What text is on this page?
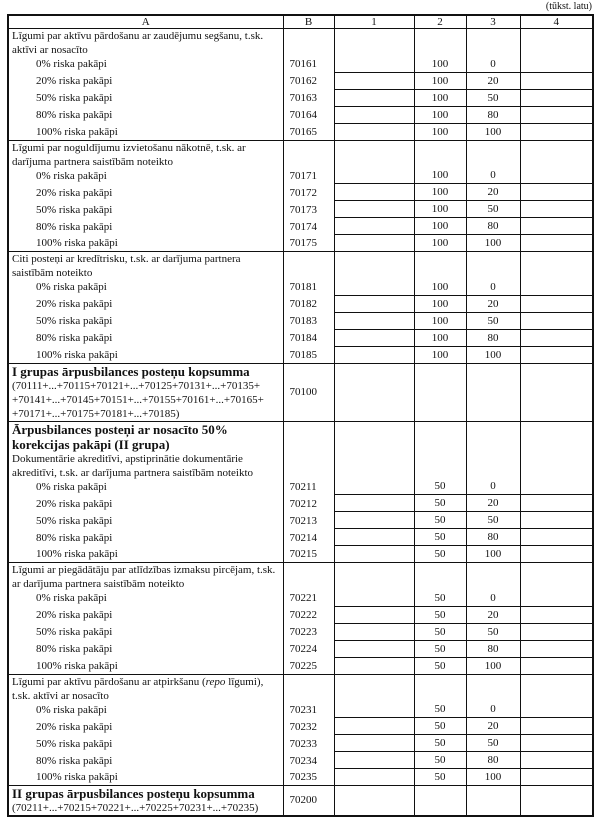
(tūkst. latu)
A	B	1	2	3	4

Līgumi par aktīvu pārdošanu ar zaudējumu segšanu, t.sk. aktīvi ar nosacīto
0% riska pakāpi	70161		100	0	

20% riska pakāpi	70162		100	20	

50% riska pakāpi	70163		100	50	

80% riska pakāpi	70164		100	80	

100% riska pakāpi	70165		100	100	

Līgumi par noguldījumu izvietošanu nākotnē, t.sk. ar darījuma partnera saistībām noteikto
0% riska pakāpi	70171		100	0	

20% riska pakāpi	70172		100	20	

50% riska pakāpi	70173		100	50	

80% riska pakāpi	70174		100	80	

100% riska pakāpi	70175		100	100	

Citi posteņi ar kredītrisku, t.sk. ar darījuma partnera saistībām noteikto
0% riska pakāpi	70181		100	0	

20% riska pakāpi	70182		100	20	

50% riska pakāpi	70183		100	50	

80% riska pakāpi	70184		100	80	

100% riska pakāpi	70185		100	100	

I grupas ārpusbilances posteņu kopsumma
(70111+...+70115+70121+...+70125+70131+...+70135+ +70141+...+70145+70151+...+70155+70161+...+70165+ +70171+...+70175+70181+...+70185)	70100				

Ārpusbilances posteņi ar nosacīto 50% korekcijas pakāpi (II grupa)
Dokumentārie akreditīvi, apstiprinātie dokumentārie akreditīvi, t.sk. ar darījuma partnera saistībām noteikto
0% riska pakāpi	70211		50	0	

20% riska pakāpi	70212		50	20	

50% riska pakāpi	70213		50	50	

80% riska pakāpi	70214		50	80	

100% riska pakāpi	70215		50	100	

Līgumi ar piegādātāju par atlīdzības izmaksu pircējam, t.sk. ar darījuma partnera saistībām noteikto
0% riska pakāpi	70221		50	0	

20% riska pakāpi	70222		50	20	

50% riska pakāpi	70223		50	50	

80% riska pakāpi	70224		50	80	

100% riska pakāpi	70225		50	100	

Līgumi par aktīvu pārdošanu ar atpirkšanu (repo līgumi), t.sk. aktīvi ar nosacīto
0% riska pakāpi	70231		50	0	

20% riska pakāpi	70232		50	20	

50% riska pakāpi	70233		50	50	

80% riska pakāpi	70234		50	80	

100% riska pakāpi	70235		50	100	

II grupas ārpusbilances posteņu kopsumma
(70211+...+70215+70221+...+70225+70231+...+70235)	70200				
